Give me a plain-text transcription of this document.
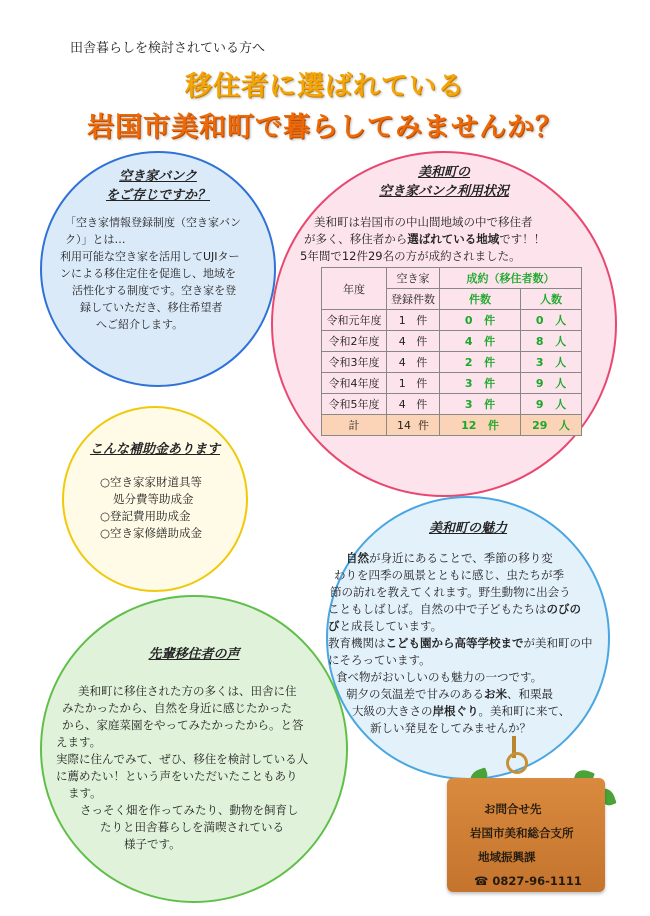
田舎暮らしを検討されている方へ
移住者に選ばれている
岩国市美和町で暮らしてみませんか？
空き家バンク
をご存じですか？
「空き家情報登録制度（空き家バン
ク）」とは…
利用可能な空き家を活用してUJIター
ンによる移住定住を促進し、地域を
活性化する制度です。空き家を登
録していただき、移住希望者
へご紹介します。
美和町の
空き家バンク利用状況
美和町は岩国市の中山間地域の中で移住者
が多く、移住者から選ばれている地域です！！
5年間で12件29名の方が成約されました。
年度	空き家	成約（移住者数）	
	登録件数	件数	人数
令和元年度	1 件	0 件	0 人
令和2年度	4 件	4 件	8 人
令和3年度	4 件	2 件	3 人
令和4年度	1 件	3 件	9 人
令和5年度	4 件	3 件	9 人
計	14 件	12 件	29 人
こんな補助金あります
○空き家家財道具等
処分費等助成金
○登記費用助成金
○空き家修繕助成金	美和町の魅力
自然が身近にあることで、季節の移り変
わりを四季の風景とともに感じ、虫たちが季
節の訪れを教えてくれます。野生動物に出会う
こともしばしば。自然の中で子どもたちはのびの
びと成長しています。
教育機関はこども園から高等学校までが美和町の中
にそろっています。
食べ物がおいしいのも魅力の一つです。
朝夕の気温差で甘みのあるお米、和栗最
大級の大きさの岸根ぐり。美和町に来て、
新しい発見をしてみませんか？
先輩移住者の声
美和町に移住された方の多くは、田舎に住
みたかったから、自然を身近に感じたかった
から、家庭菜園をやってみたかったから。と答
えます。
実際に住んでみて、ぜひ、移住を検討している人
に薦めたい！という声をいただいたこともあり
ます。
さっそく畑を作ってみたり、動物を飼育し
たりと田舎暮らしを満喫されている
様子です。
お問合せ先
岩国市美和総合支所
地域振興課
☎ 0827-96-1111
